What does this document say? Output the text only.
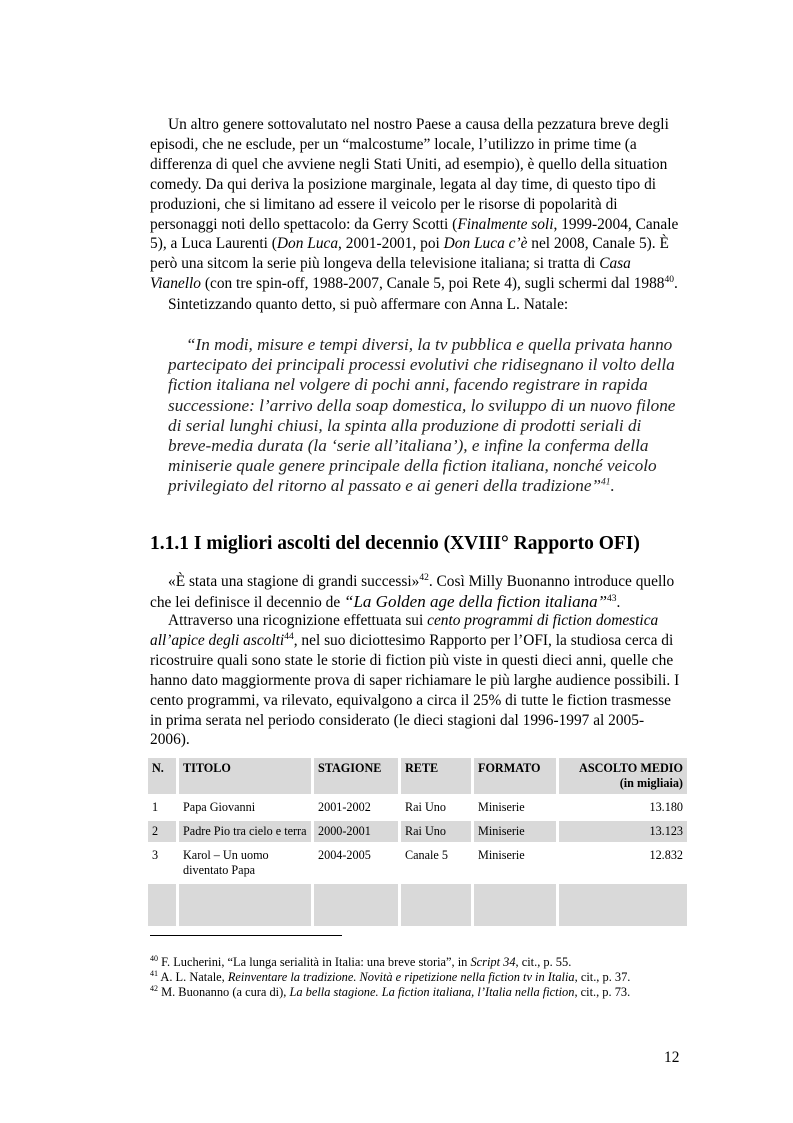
Un altro genere sottovalutato nel nostro Paese a causa della pezzatura breve degli episodi, che ne esclude, per un “malcostume” locale, l’utilizzo in prime time (a differenza di quel che avviene negli Stati Uniti, ad esempio), è quello della situation comedy. Da qui deriva la posizione marginale, legata al day time, di questo tipo di produzioni, che si limitano ad essere il veicolo per le risorse di popolarità di personaggi noti dello spettacolo: da Gerry Scotti (Finalmente soli, 1999-2004, Canale 5), a Luca Laurenti (Don Luca, 2001-2001, poi Don Luca c’è nel 2008, Canale 5). È però una sitcom la serie più longeva della televisione italiana; si tratta di Casa Vianello (con tre spin-off, 1988-2007, Canale 5, poi Rete 4), sugli schermi dal 1988$^{40}$.

Sintetizzando quanto detto, si può affermare con Anna L. Natale:

“In modi, misure e tempi diversi, la tv pubblica e quella privata hanno partecipato dei principali processi evolutivi che ridisegnano il volto della fiction italiana nel volgere di pochi anni, facendo registrare in rapida successione: l’arrivo della soap domestica, lo sviluppo di un nuovo filone di serial lunghi chiusi, la spinta alla produzione di prodotti seriali di breve-media durata (la ‘serie all’italiana’), e infine la conferma della miniserie quale genere principale della fiction italiana, nonché veicolo privilegiato del ritorno al passato e ai generi della tradizione”$^{41}$.

1.1.1 I migliori ascolti del decennio (XVIII° Rapporto OFI)

«È stata una stagione di grandi successi»$^{42}$. Così Milly Buonanno introduce quello che lei definisce il decennio de “La Golden age della fiction italiana”$^{43}$.

Attraverso una ricognizione effettuata sui cento programmi di fiction domestica all’apice degli ascolti$^{44}$, nel suo diciottesimo Rapporto per l’OFI, la studiosa cerca di ricostruire quali sono state le storie di fiction più viste in questi dieci anni, quelle che hanno dato maggiormente prova di saper richiamare le più larghe audience possibili. I cento programmi, va rilevato, equivalgono a circa il 25% di tutte le fiction trasmesse in prima serata nel periodo considerato (le dieci stagioni dal 1996-1997 al 2005-2006).

N.	TITOLO	STAGIONE	RETE	FORMATO	ASCOLTO MEDIO
(in migliaia)
1	Papa Giovanni	2001-2002	Rai Uno	Miniserie	13.180
2	Padre Pio tra cielo e terra	2000-2001	Rai Uno	Miniserie	13.123
3	Karol – Un uomo diventato Papa	2004-2005	Canale 5	Miniserie	12.832

$^{40}$ F. Lucherini, “La lunga serialità in Italia: una breve storia”, in Script 34, cit., p. 55.

$^{41}$ A. L. Natale, Reinventare la tradizione. Novità e ripetizione nella fiction tv in Italia, cit., p. 37.

$^{42}$ M. Buonanno (a cura di), La bella stagione. La fiction italiana, l’Italia nella fiction, cit., p. 73.

12
